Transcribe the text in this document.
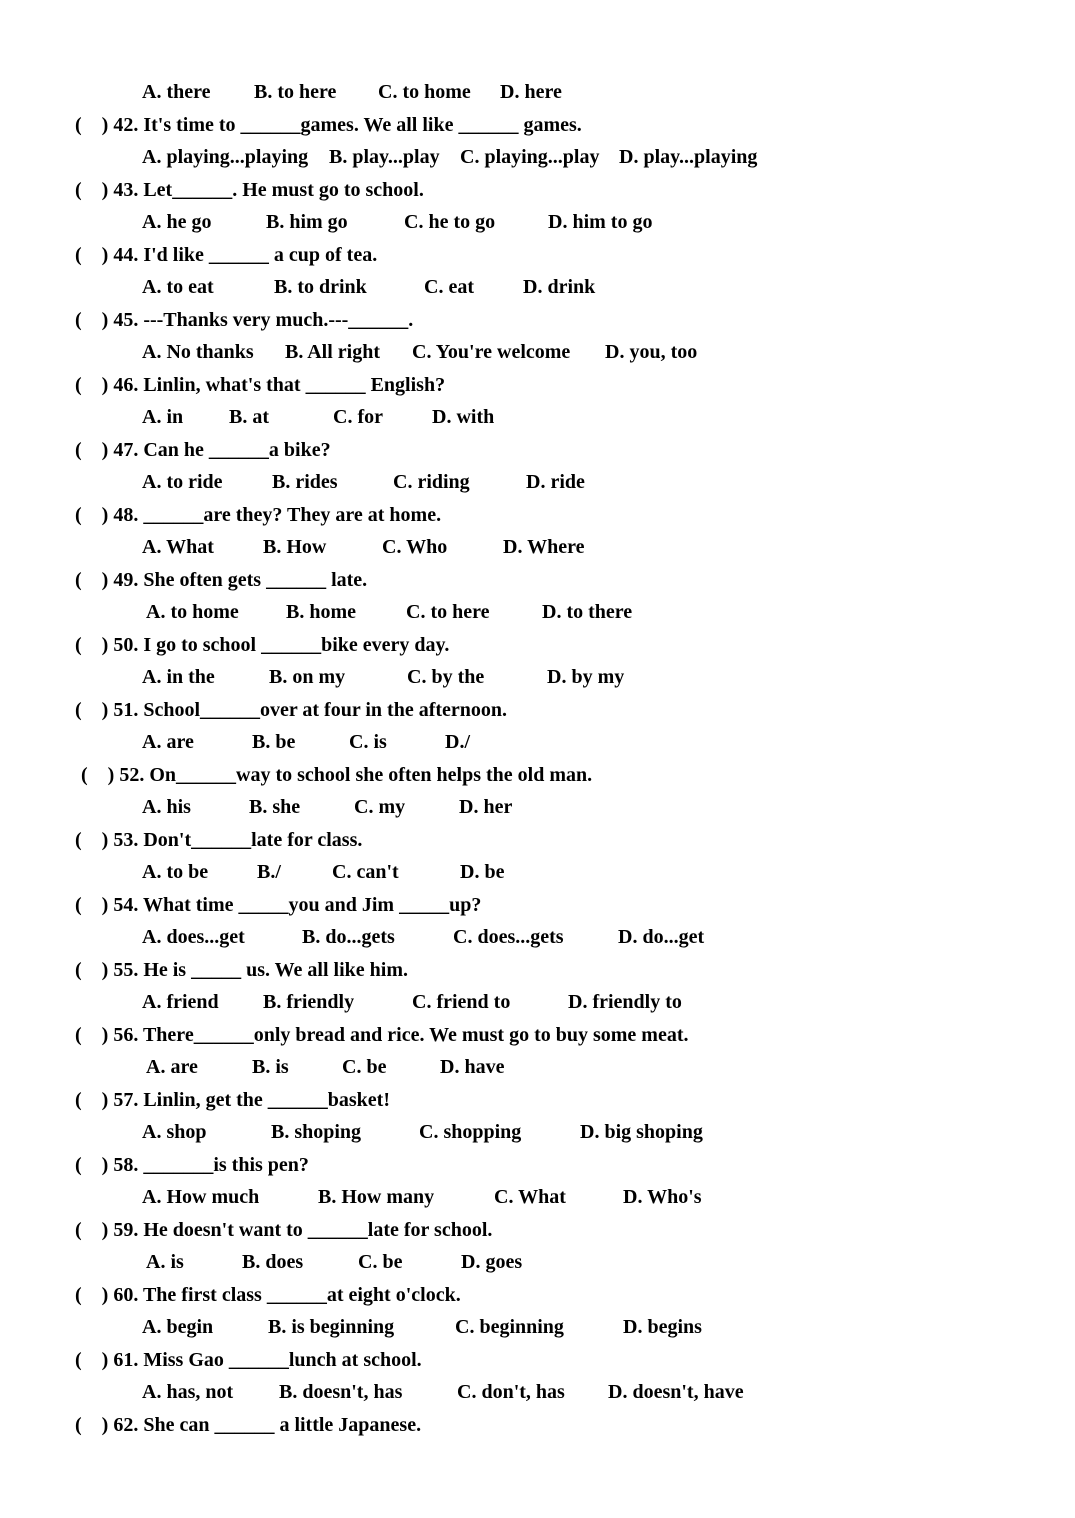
A. there B. to here C. to home D. here
(    ) 42. It's time to ______games. We all like ______ games.
A. playing...playing B. play...play C. playing...play D. play...playing
(    ) 43. Let______. He must go to school.
A. he go	B. him go	C. he to go	D. him to go
(    ) 44. I'd like ______ a cup of tea.
A. to eat	B. to drink	C. eat D. drink
(    ) 45. ---Thanks very much.---______.
A. No thanks B. All right C. You're welcome D. you, too
(    ) 46. Linlin, what's that ______ English?
A. in B. at	C. for D. with
(    ) 47. Can he ______a bike?
A. to ride B. rides	C. riding	D. ride
(    ) 48. ______are they? They are at home.
A. What B. How	C. Who	D. Where
(    ) 49. She often gets ______ late.
A. to home B. home	C. to here	D. to there
(    ) 50. I go to school ______bike every day.
A. in the	B. on my	C. by the	D. by my
(    ) 51. School______over at four in the afternoon.
A. are	B. be	C. is	D./
(    ) 52. On______way to school she often helps the old man.
A. his	B. she	C. my	D. her
(    ) 53. Don't______late for class.
A. to be B./	C. can't	D. be
(    ) 54. What time _____you and Jim _____up?
A. does...get	B. do...gets	C. does...gets	D. do...get
(    ) 55. He is _____ us. We all like him.
A. friend B. friendly	C. friend to	D. friendly to
(    ) 56. There______only bread and rice. We must go to buy some meat.
A. are	B. is	C. be	D. have
(    ) 57. Linlin, get the ______basket!
A. shop	B. shoping	C. shopping	D. big shoping
(    ) 58. _______is this pen?
A. How much	B. How many	C. What	D. Who's
(    ) 59. He doesn't want to ______late for school.
A. is	B. does	C. be	D. goes
(    ) 60. The first class ______at eight o'clock.
A. begin	B. is beginning	C. beginning	D. begins
(    ) 61. Miss Gao ______lunch at school.
A. has, not B. doesn't, has	C. don't, has D. doesn't, have
(    ) 62. She can ______ a little Japanese.
